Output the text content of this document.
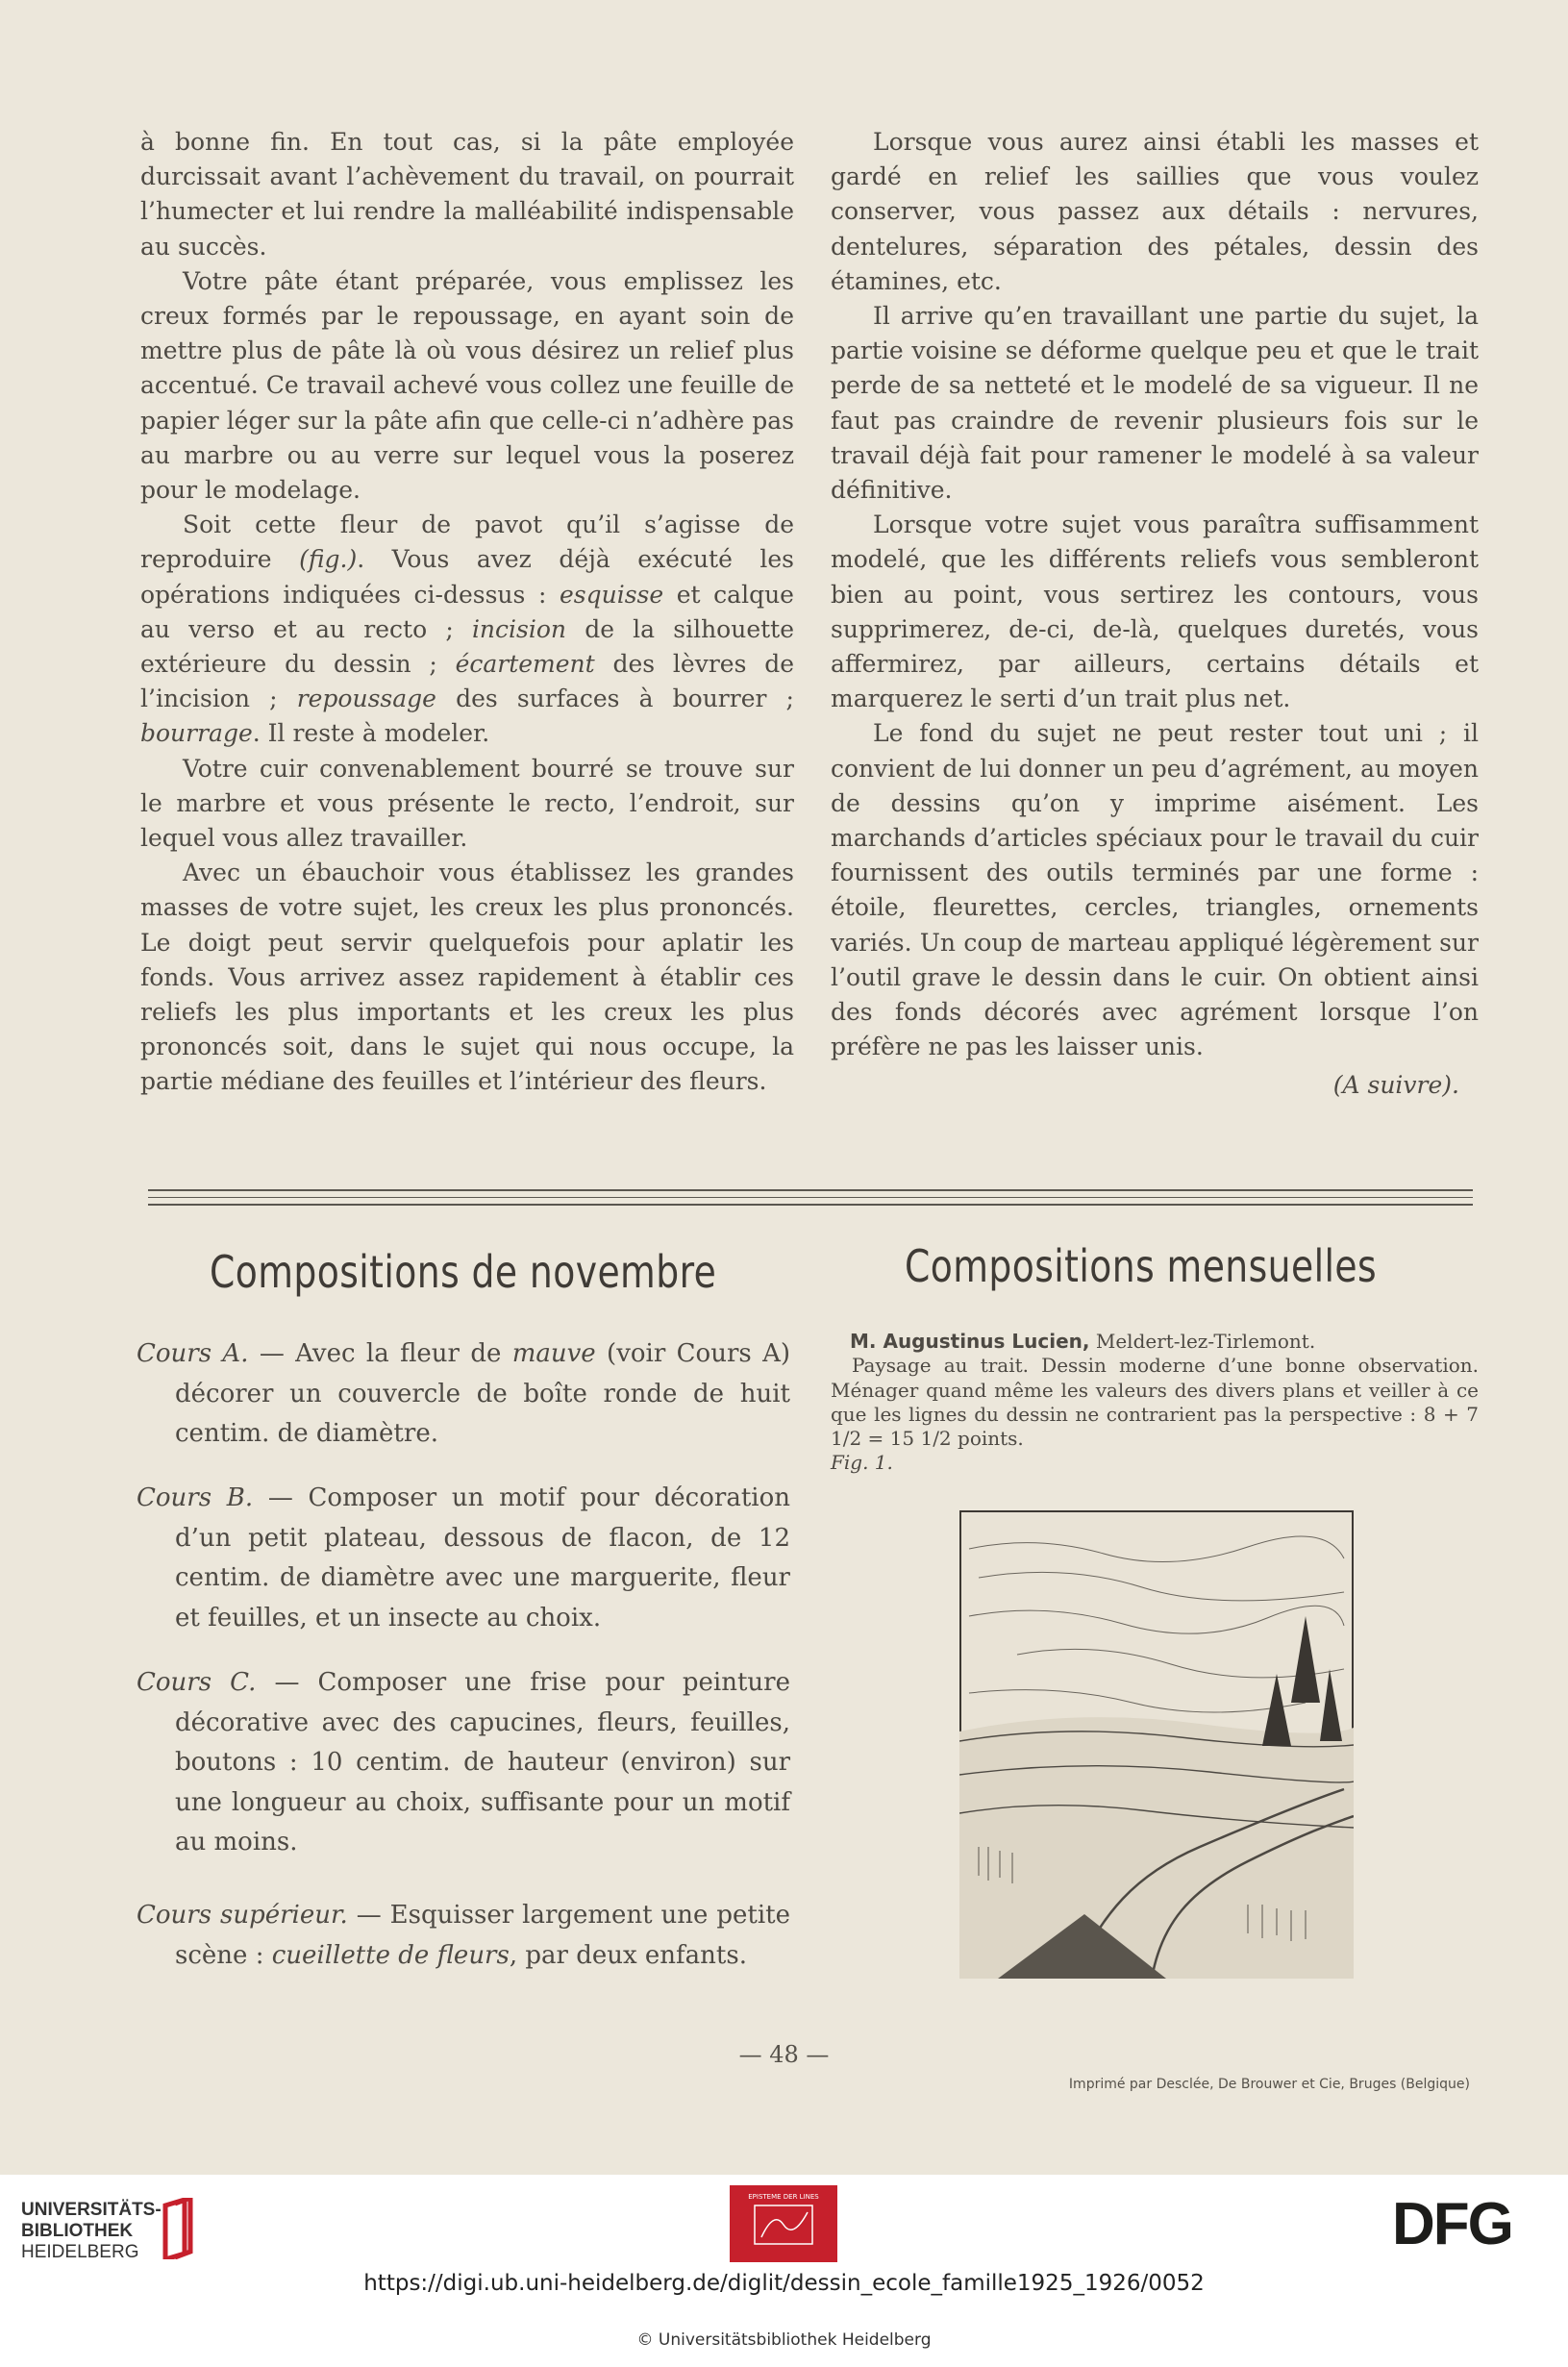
à bonne fin. En tout cas, si la pâte employée durcissait avant l’achèvement du travail, on pourrait l’humecter et lui rendre la malléabilité indispensable au succès.

Votre pâte étant préparée, vous emplissez les creux formés par le repoussage, en ayant soin de mettre plus de pâte là où vous désirez un relief plus accentué. Ce travail achevé vous collez une feuille de papier léger sur la pâte afin que celle-ci n’adhère pas au marbre ou au verre sur lequel vous la poserez pour le modelage.

Soit cette fleur de pavot qu’il s’agisse de reproduire (fig.). Vous avez déjà exécuté les opérations indiquées ci-dessus : esquisse et calque au verso et au recto ; incision de la silhouette extérieure du dessin ; écartement des lèvres de l’incision ; repoussage des surfaces à bourrer ; bourrage. Il reste à modeler.

Votre cuir convenablement bourré se trouve sur le marbre et vous présente le recto, l’endroit, sur lequel vous allez travailler.

Avec un ébauchoir vous établissez les grandes masses de votre sujet, les creux les plus prononcés. Le doigt peut servir quelquefois pour aplatir les fonds. Vous arrivez assez rapidement à établir ces reliefs les plus importants et les creux les plus prononcés soit, dans le sujet qui nous occupe, la partie médiane des feuilles et l’intérieur des fleurs.

Lorsque vous aurez ainsi établi les masses et gardé en relief les saillies que vous voulez conserver, vous passez aux détails : nervures, dentelures, séparation des pétales, dessin des étamines, etc.

Il arrive qu’en travaillant une partie du sujet, la partie voisine se déforme quelque peu et que le trait perde de sa netteté et le modelé de sa vigueur. Il ne faut pas craindre de revenir plusieurs fois sur le travail déjà fait pour ramener le modelé à sa valeur définitive.

Lorsque votre sujet vous paraîtra suffisamment modelé, que les différents reliefs vous sembleront bien au point, vous sertirez les contours, vous supprimerez, de-ci, de-là, quelques duretés, vous affermirez, par ailleurs, certains détails et marquerez le serti d’un trait plus net.

Le fond du sujet ne peut rester tout uni ; il convient de lui donner un peu d’agrément, au moyen de dessins qu’on y imprime aisément. Les marchands d’articles spéciaux pour le travail du cuir fournissent des outils terminés par une forme : étoile, fleurettes, cercles, triangles, ornements variés. Un coup de marteau appliqué légèrement sur l’outil grave le dessin dans le cuir. On obtient ainsi des fonds décorés avec agrément lorsque l’on préfère ne pas les laisser unis.

(A suivre).
Compositions de novembre	Compositions mensuelles
Cours A. — Avec la fleur de mauve (voir Cours A) décorer un couvercle de boîte ronde de huit centim. de diamètre.
Cours B. — Composer un motif pour décoration d’un petit plateau, dessous de flacon, de 12 centim. de diamètre avec une marguerite, fleur et feuilles, et un insecte au choix.
Cours C. — Composer une frise pour peinture décorative avec des capucines, fleurs, feuilles, boutons : 10 centim. de hauteur (environ) sur une longueur au choix, suffisante pour un motif au moins.
Cours supérieur. — Esquisser largement une petite scène : cueillette de fleurs, par deux enfants.
M. Augustinus Lucien, Meldert-lez-Tirlemont.
Paysage au trait. Dessin moderne d’une bonne observation. Ménager quand même les valeurs des divers plans et veiller à ce que les lignes du dessin ne contrarient pas la perspective : 8 + 7 1/2 = 15 1/2 points.
Fig. 1.
— 48 —
Imprimé par Desclée, De Brouwer et Cie, Bruges (Belgique)
UNIVERSITÄTS-
BIBLIOTHEK
HEIDELBERG
EPISTEME DER LINES	DFG
https://digi.ub.uni-heidelberg.de/diglit/dessin_ecole_famille1925_1926/0052
© Universitätsbibliothek Heidelberg
